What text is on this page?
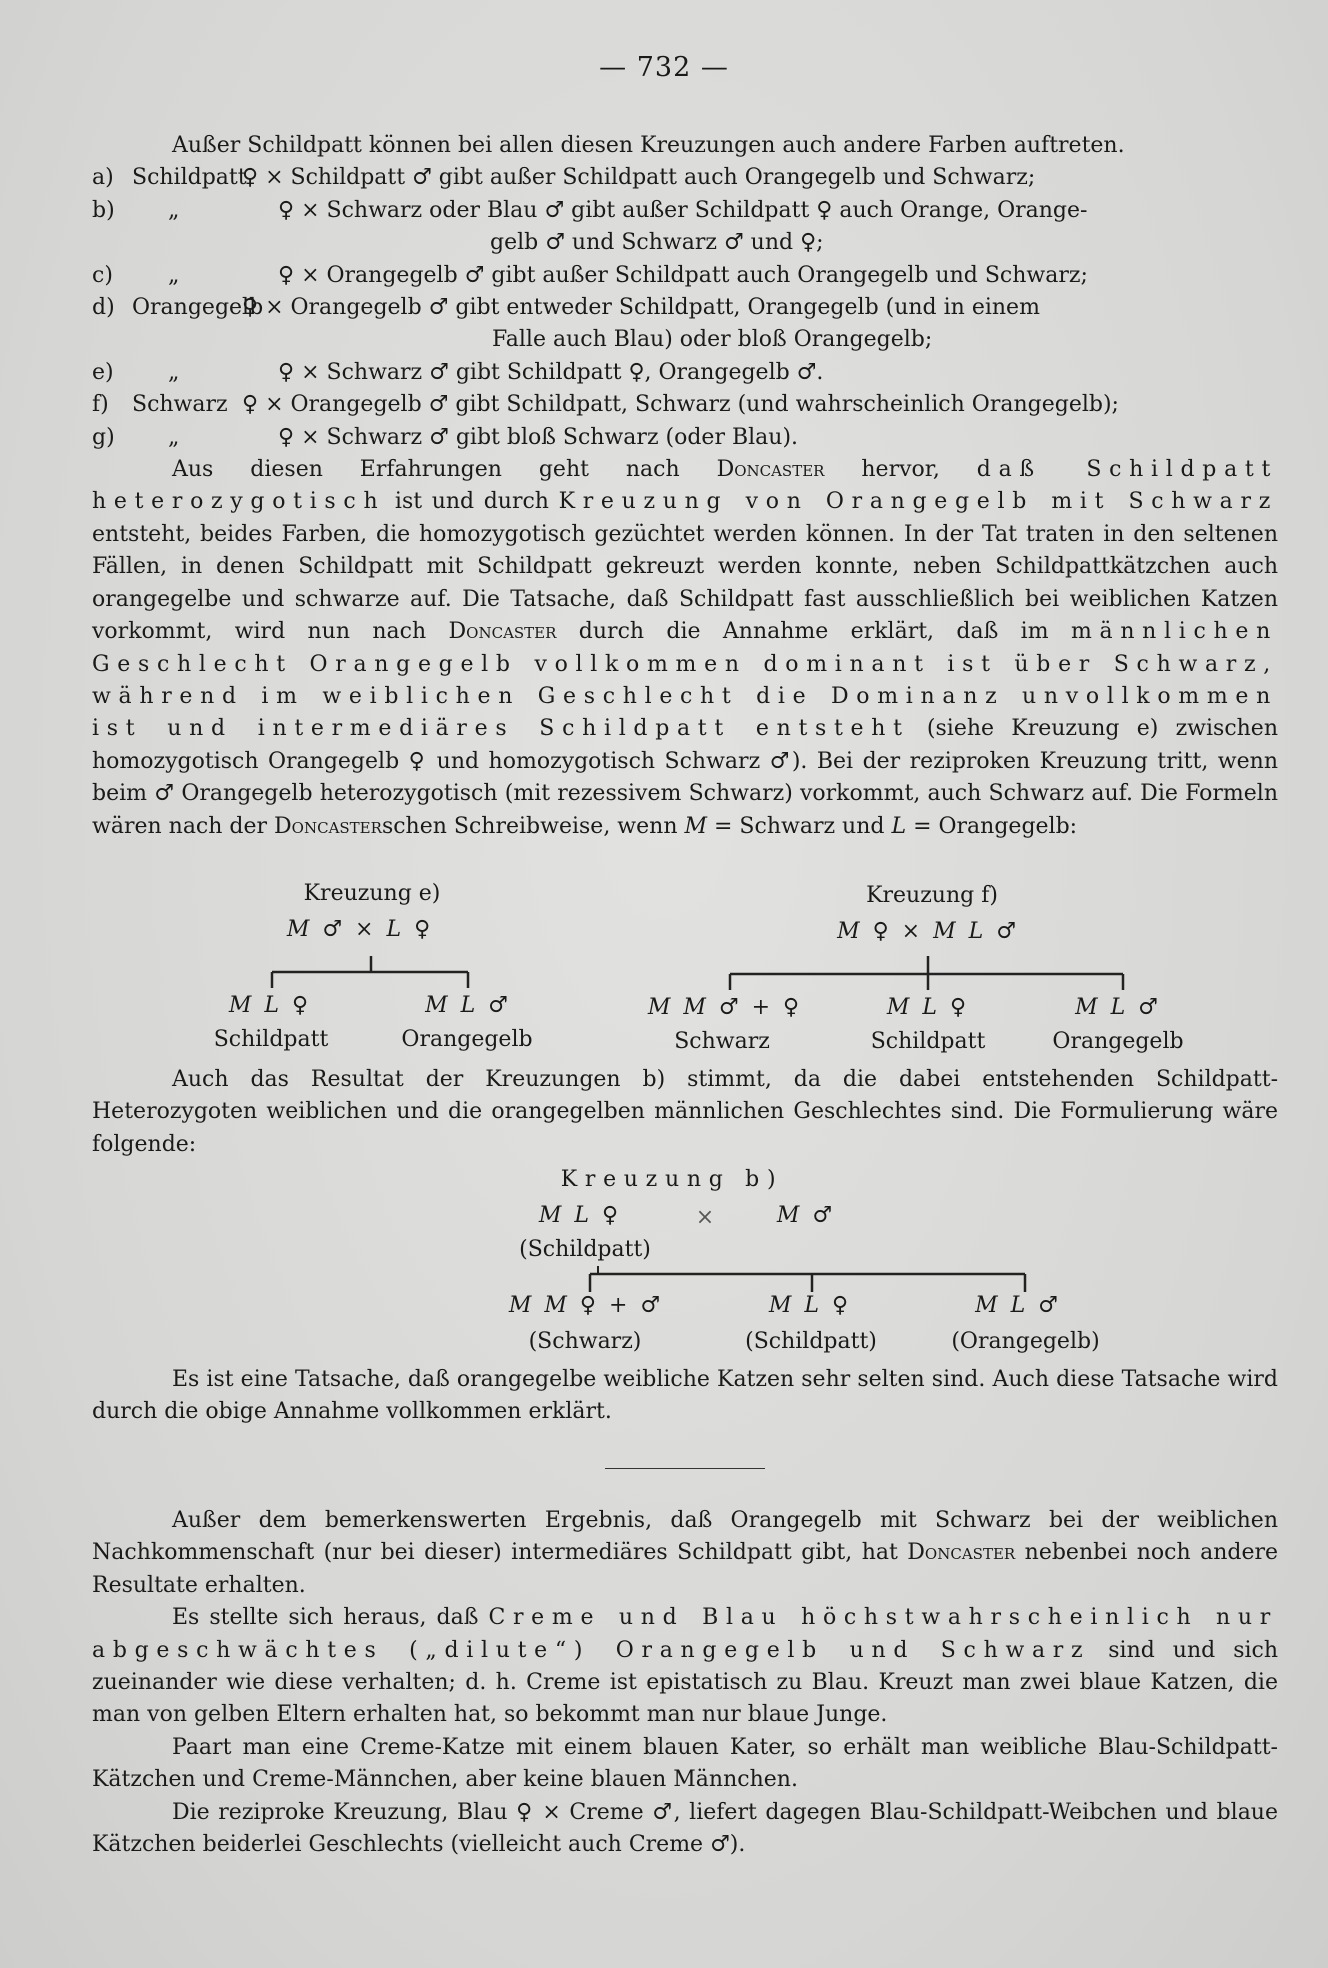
— 732 —

Außer Schildpatt können bei allen diesen Kreuzungen auch andere Farben auftreten.

a) Schildpatt
♀ × Schildpatt ♂ gibt außer Schildpatt auch Orangegelb und Schwarz;
b)	„	♀ × Schwarz oder Blau ♂ gibt außer Schildpatt ♀ auch Orange, Orange-
gelb ♂ und Schwarz ♂ und ♀;
c)	„	♀ × Orangegelb ♂ gibt außer Schildpatt auch Orangegelb und Schwarz;
d) Orangegelb
♀ × Orangegelb ♂ gibt entweder Schildpatt, Orangegelb (und in einem
Falle auch Blau) oder bloß Orangegelb;
e)	„	♀ × Schwarz ♂ gibt Schildpatt ♀, Orangegelb ♂.
f)	Schwarz ♀ × Orangegelb ♂ gibt Schildpatt, Schwarz (und wahrscheinlich Orangegelb);
g)	„	♀ × Schwarz ♂ gibt bloß Schwarz (oder Blau).

Aus diesen Erfahrungen geht nach Doncaster hervor, daß Schildpatt heterozygotisch ist und durch Kreuzung von Orangegelb mit Schwarz entsteht, beides Farben, die homozygotisch gezüchtet werden können. In der Tat traten in den seltenen Fällen, in denen Schildpatt mit Schildpatt gekreuzt werden konnte, neben Schildpattkätzchen auch orangegelbe und schwarze auf. Die Tatsache, daß Schildpatt fast ausschließlich bei weiblichen Katzen vorkommt, wird nun nach Doncaster durch die Annahme erklärt, daß im männlichen Geschlecht Orangegelb vollkommen dominant ist über Schwarz, während im weiblichen Geschlecht die Dominanz unvollkommen ist und intermediäres Schildpatt entsteht (siehe Kreuzung e) zwischen homozygotisch Orangegelb ♀ und homozygotisch Schwarz ♂). Bei der reziproken Kreuzung tritt, wenn beim ♂ Orangegelb heterozygotisch (mit rezessivem Schwarz) vorkommt, auch Schwarz auf. Die Formeln wären nach der Doncasterschen Schreibweise, wenn M = Schwarz und L = Orangegelb:

Kreuzung e)
M ♂ × L ♀
M L ♀
Schildpatt
M L ♂
Orangegelb
Kreuzung f)
M ♀ × M L ♂
M M ♂ + ♀
Schwarz
M L ♀
Schildpatt
M L ♂
Orangegelb

Auch das Resultat der Kreuzungen b) stimmt, da die dabei entstehenden Schildpatt-Heterozygoten weiblichen und die orangegelben männlichen Geschlechtes sind. Die Formulierung wäre folgende:

Kreuzung b)
M L ♀	×	M ♂
(Schildpatt)
M M ♀ + ♂
(Schwarz)
M L ♀
(Schildpatt)
M L ♂
(Orangegelb)

Es ist eine Tatsache, daß orangegelbe weibliche Katzen sehr selten sind. Auch diese Tatsache wird durch die obige Annahme vollkommen erklärt.

Außer dem bemerkenswerten Ergebnis, daß Orangegelb mit Schwarz bei der weiblichen Nachkommenschaft (nur bei dieser) intermediäres Schildpatt gibt, hat Doncaster nebenbei noch andere Resultate erhalten.

Es stellte sich heraus, daß Creme und Blau höchstwahrscheinlich nur abgeschwächtes („dilute“) Orangegelb und Schwarz sind und sich zueinander wie diese verhalten; d. h. Creme ist epistatisch zu Blau. Kreuzt man zwei blaue Katzen, die man von gelben Eltern erhalten hat, so bekommt man nur blaue Junge.

Paart man eine Creme-Katze mit einem blauen Kater, so erhält man weibliche Blau-Schildpatt-Kätzchen und Creme-Männchen, aber keine blauen Männchen.

Die reziproke Kreuzung, Blau ♀ × Creme ♂, liefert dagegen Blau-Schildpatt-Weibchen und blaue Kätzchen beiderlei Geschlechts (vielleicht auch Creme ♂).
